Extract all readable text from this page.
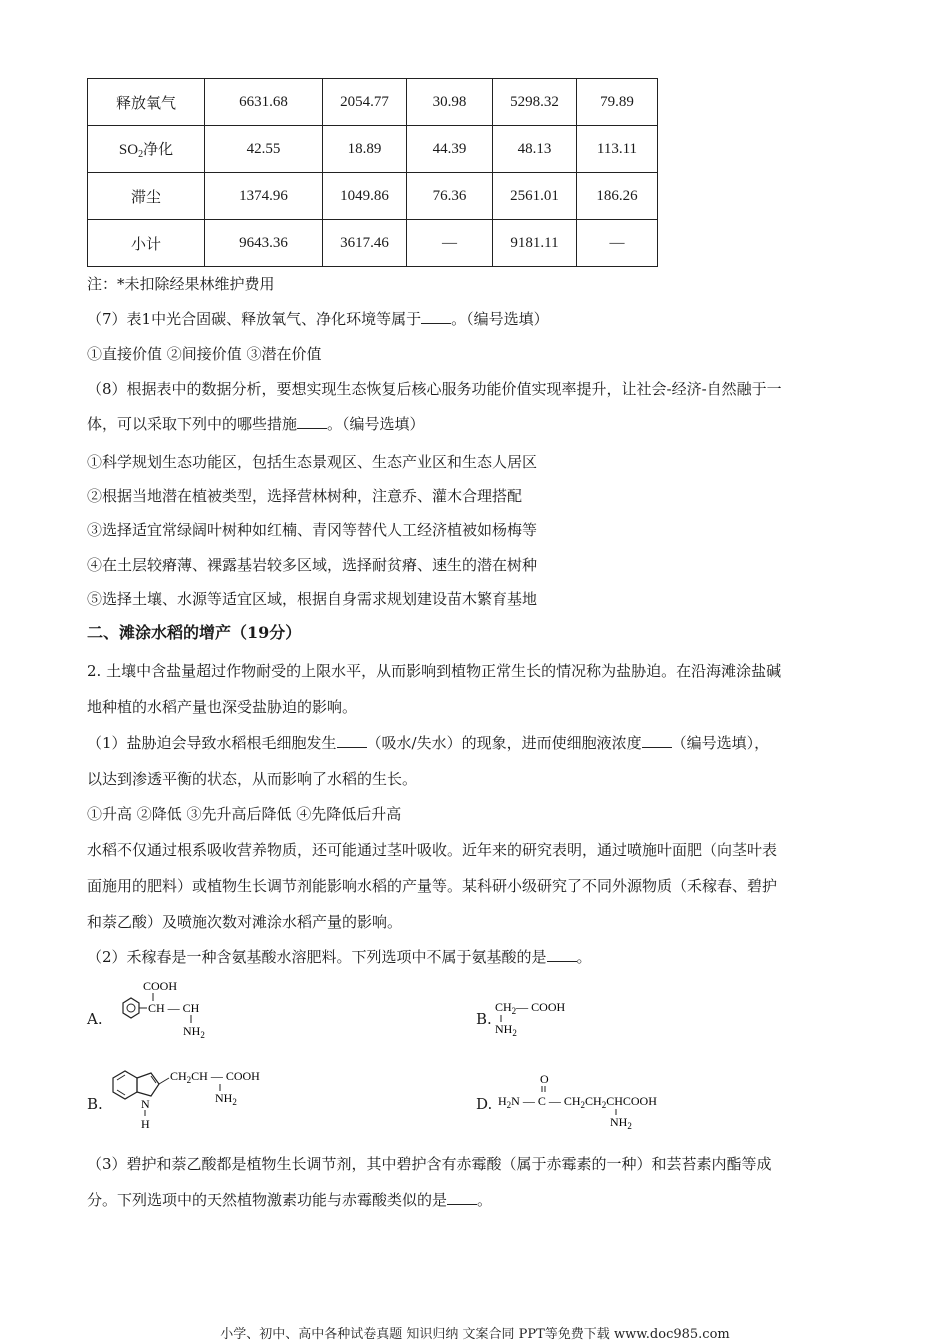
释放氧气	6631.68	2054.77	30.98	5298.32	79.89
$SO_2$净化	42.55	18.89	44.39	48.13	113.11
滞尘	1374.96	1049.86	76.36	2561.01	186.26
小计	9643.36	3617.46	—	9181.11	—
注：*未扣除经果林维护费用
（7）表1中光合固碳、释放氧气、净化环境等属于 。（编号选填）
①直接价值 ②间接价值 ③潜在价值
（8）根据表中的数据分析，要想实现生态恢复后核心服务功能价值实现率提升，让社会-经济-自然融于一
体，可以采取下列中的哪些措施 。（编号选填）
①科学规划生态功能区，包括生态景观区、生态产业区和生态人居区
②根据当地潜在植被类型，选择营林树种，注意乔、灌木合理搭配
③选择适宜常绿阔叶树种如红楠、青冈等替代人工经济植被如杨梅等
④在土层较瘠薄、裸露基岩较多区域，选择耐贫瘠、速生的潜在树种
⑤选择土壤、水源等适宜区域，根据自身需求规划建设苗木繁育基地
二、滩涂水稻的增产（19分）
2. 土壤中含盐量超过作物耐受的上限水平，从而影响到植物正常生长的情况称为盐胁迫。在沿海滩涂盐碱
地种植的水稻产量也深受盐胁迫的影响。
（1）盐胁迫会导致水稻根毛细胞发生 （吸水/失水）的现象，进而使细胞液浓度 （编号选填），
以达到渗透平衡的状态，从而影响了水稻的生长。
①升高 ②降低 ③先升高后降低 ④先降低后升高
水稻不仅通过根系吸收营养物质，还可能通过茎叶吸收。近年来的研究表明，通过喷施叶面肥（向茎叶表
面施用的肥料）或植物生长调节剂能影响水稻的产量等。某科研小级研究了不同外源物质（禾稼春、碧护
和萘乙酸）及喷施次数对滩涂水稻产量的影响。
（2）禾稼春是一种含氨基酸水溶肥料。下列选项中不属于氨基酸的是 。
A.
COOH
CH — CH
$NH_2$
B.
$CH_2—$ COOH
$NH_2$
B.	N
H
$CH_2CH$ — COOH
$NH_2$	D.
O
$H_2N$ — C — $CH_2CH_2CHCOOH$
$NH_2$
（3）碧护和萘乙酸都是植物生长调节剂，其中碧护含有赤霉酸（属于赤霉素的一种）和芸苔素内酯等成
分。下列选项中的天然植物激素功能与赤霉酸类似的是 。
小学、初中、高中各种试卷真题 知识归纳 文案合同 PPT等免费下载 www.doc985.com
